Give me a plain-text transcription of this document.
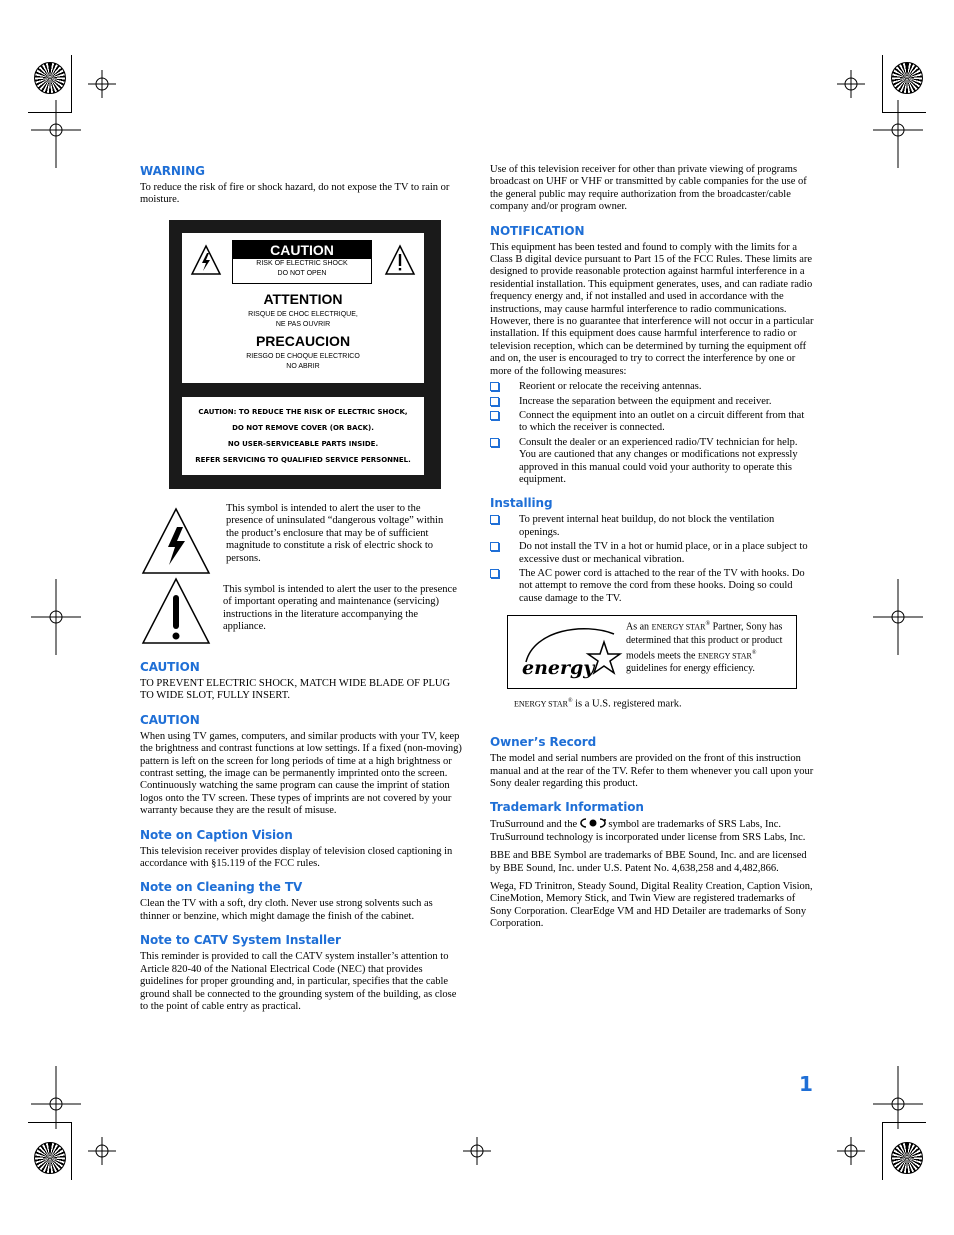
WARNING

To reduce the risk of fire or shock hazard, do not expose the TV to rain or moisture.

CAUTION
RISK OF ELECTRIC SHOCK
DO NOT OPEN
ATTENTION
RISQUE DE CHOC ELECTRIQUE,
NE PAS OUVRIR
PRECAUCION
RIESGO DE CHOQUE ELECTRICO
NO ABRIR
CAUTION: TO REDUCE THE RISK OF ELECTRIC SHOCK,
DO NOT REMOVE COVER (OR BACK).
NO USER-SERVICEABLE PARTS INSIDE.
REFER SERVICING TO QUALIFIED SERVICE PERSONNEL.

This symbol is intended to alert the user to the presence of uninsulated “dangerous voltage” within the product’s enclosure that may be of sufficient magnitude to constitute a risk of electric shock to persons.

This symbol is intended to alert the user to the presence of important operating and maintenance (servicing) instructions in the literature accompanying the appliance.

CAUTION

TO PREVENT ELECTRIC SHOCK, MATCH WIDE BLADE OF PLUG TO WIDE SLOT, FULLY INSERT.

CAUTION

When using TV games, computers, and similar products with your TV, keep the brightness and contrast functions at low settings. If a fixed (non-moving) pattern is left on the screen for long periods of time at a high brightness or contrast setting, the image can be permanently imprinted onto the screen. Continuously watching the same program can cause the imprint of station logos onto the TV screen. These types of imprints are not covered by your warranty because they are the result of misuse.

Note on Caption Vision

This television receiver provides display of television closed captioning in accordance with §15.119 of the FCC rules.

Note on Cleaning the TV

Clean the TV with a soft, dry cloth. Never use strong solvents such as thinner or benzine, which might damage the finish of the cabinet.

Note to CATV System Installer

This reminder is provided to call the CATV system installer’s attention to Article 820-40 of the National Electrical Code (NEC) that provides guidelines for proper grounding and, in particular, specifies that the cable ground shall be connected to the grounding system of the building, as close to the point of cable entry as practical.

Use of this television receiver for other than private viewing of programs broadcast on UHF or VHF or transmitted by cable companies for the use of the general public may require authorization from the broadcaster/cable company and/or program owner.

NOTIFICATION

This equipment has been tested and found to comply with the limits for a Class B digital device pursuant to Part 15 of the FCC Rules. These limits are designed to provide reasonable protection against harmful interference in a residential installation. This equipment generates, uses, and can radiate radio frequency energy and, if not installed and used in accordance with the instructions, may cause harmful interference to radio communications. However, there is no guarantee that interference will not occur in a particular installation. If this equipment does cause harmful interference to radio or television reception, which can be determined by turning the equipment off and on, the user is encouraged to try to correct the interference by one or more of the following measures:

Reorient or relocate the receiving antennas.
Increase the separation between the equipment and receiver.
Connect the equipment into an outlet on a circuit different from that to which the receiver is connected.
Consult the dealer or an experienced radio/TV technician for help.

You are cautioned that any changes or modifications not expressly approved in this manual could void your authority to operate this equipment.

Installing
To prevent internal heat buildup, do not block the ventilation openings.
Do not install the TV in a hot or humid place, or in a place subject to excessive dust or mechanical vibration.
The AC power cord is attached to the rear of the TV with hooks. Do not attempt to remove the cord from these hooks. Doing so could cause damage to the TV.
energy

As an ENERGY STAR® Partner, Sony has determined that this product or product models meets the ENERGY STAR® guidelines for energy efficiency.

ENERGY STAR® is a U.S. registered mark.

Owner’s Record

The model and serial numbers are provided on the front of this instruction manual and at the rear of the TV. Refer to them whenever you call upon your Sony dealer regarding this product.

Trademark Information

TruSurround and the	symbol are trademarks of SRS Labs, Inc. TruSurround technology is incorporated under license from SRS Labs, Inc.

BBE and BBE Symbol are trademarks of BBE Sound, Inc. and are licensed by BBE Sound, Inc. under U.S. Patent No. 4,638,258 and 4,482,866.

Wega, FD Trinitron, Steady Sound, Digital Reality Creation, Caption Vision, CineMotion, Memory Stick, and Twin View are registered trademarks of Sony Corporation. ClearEdge VM and HD Detailer are trademarks of Sony Corporation.

1
